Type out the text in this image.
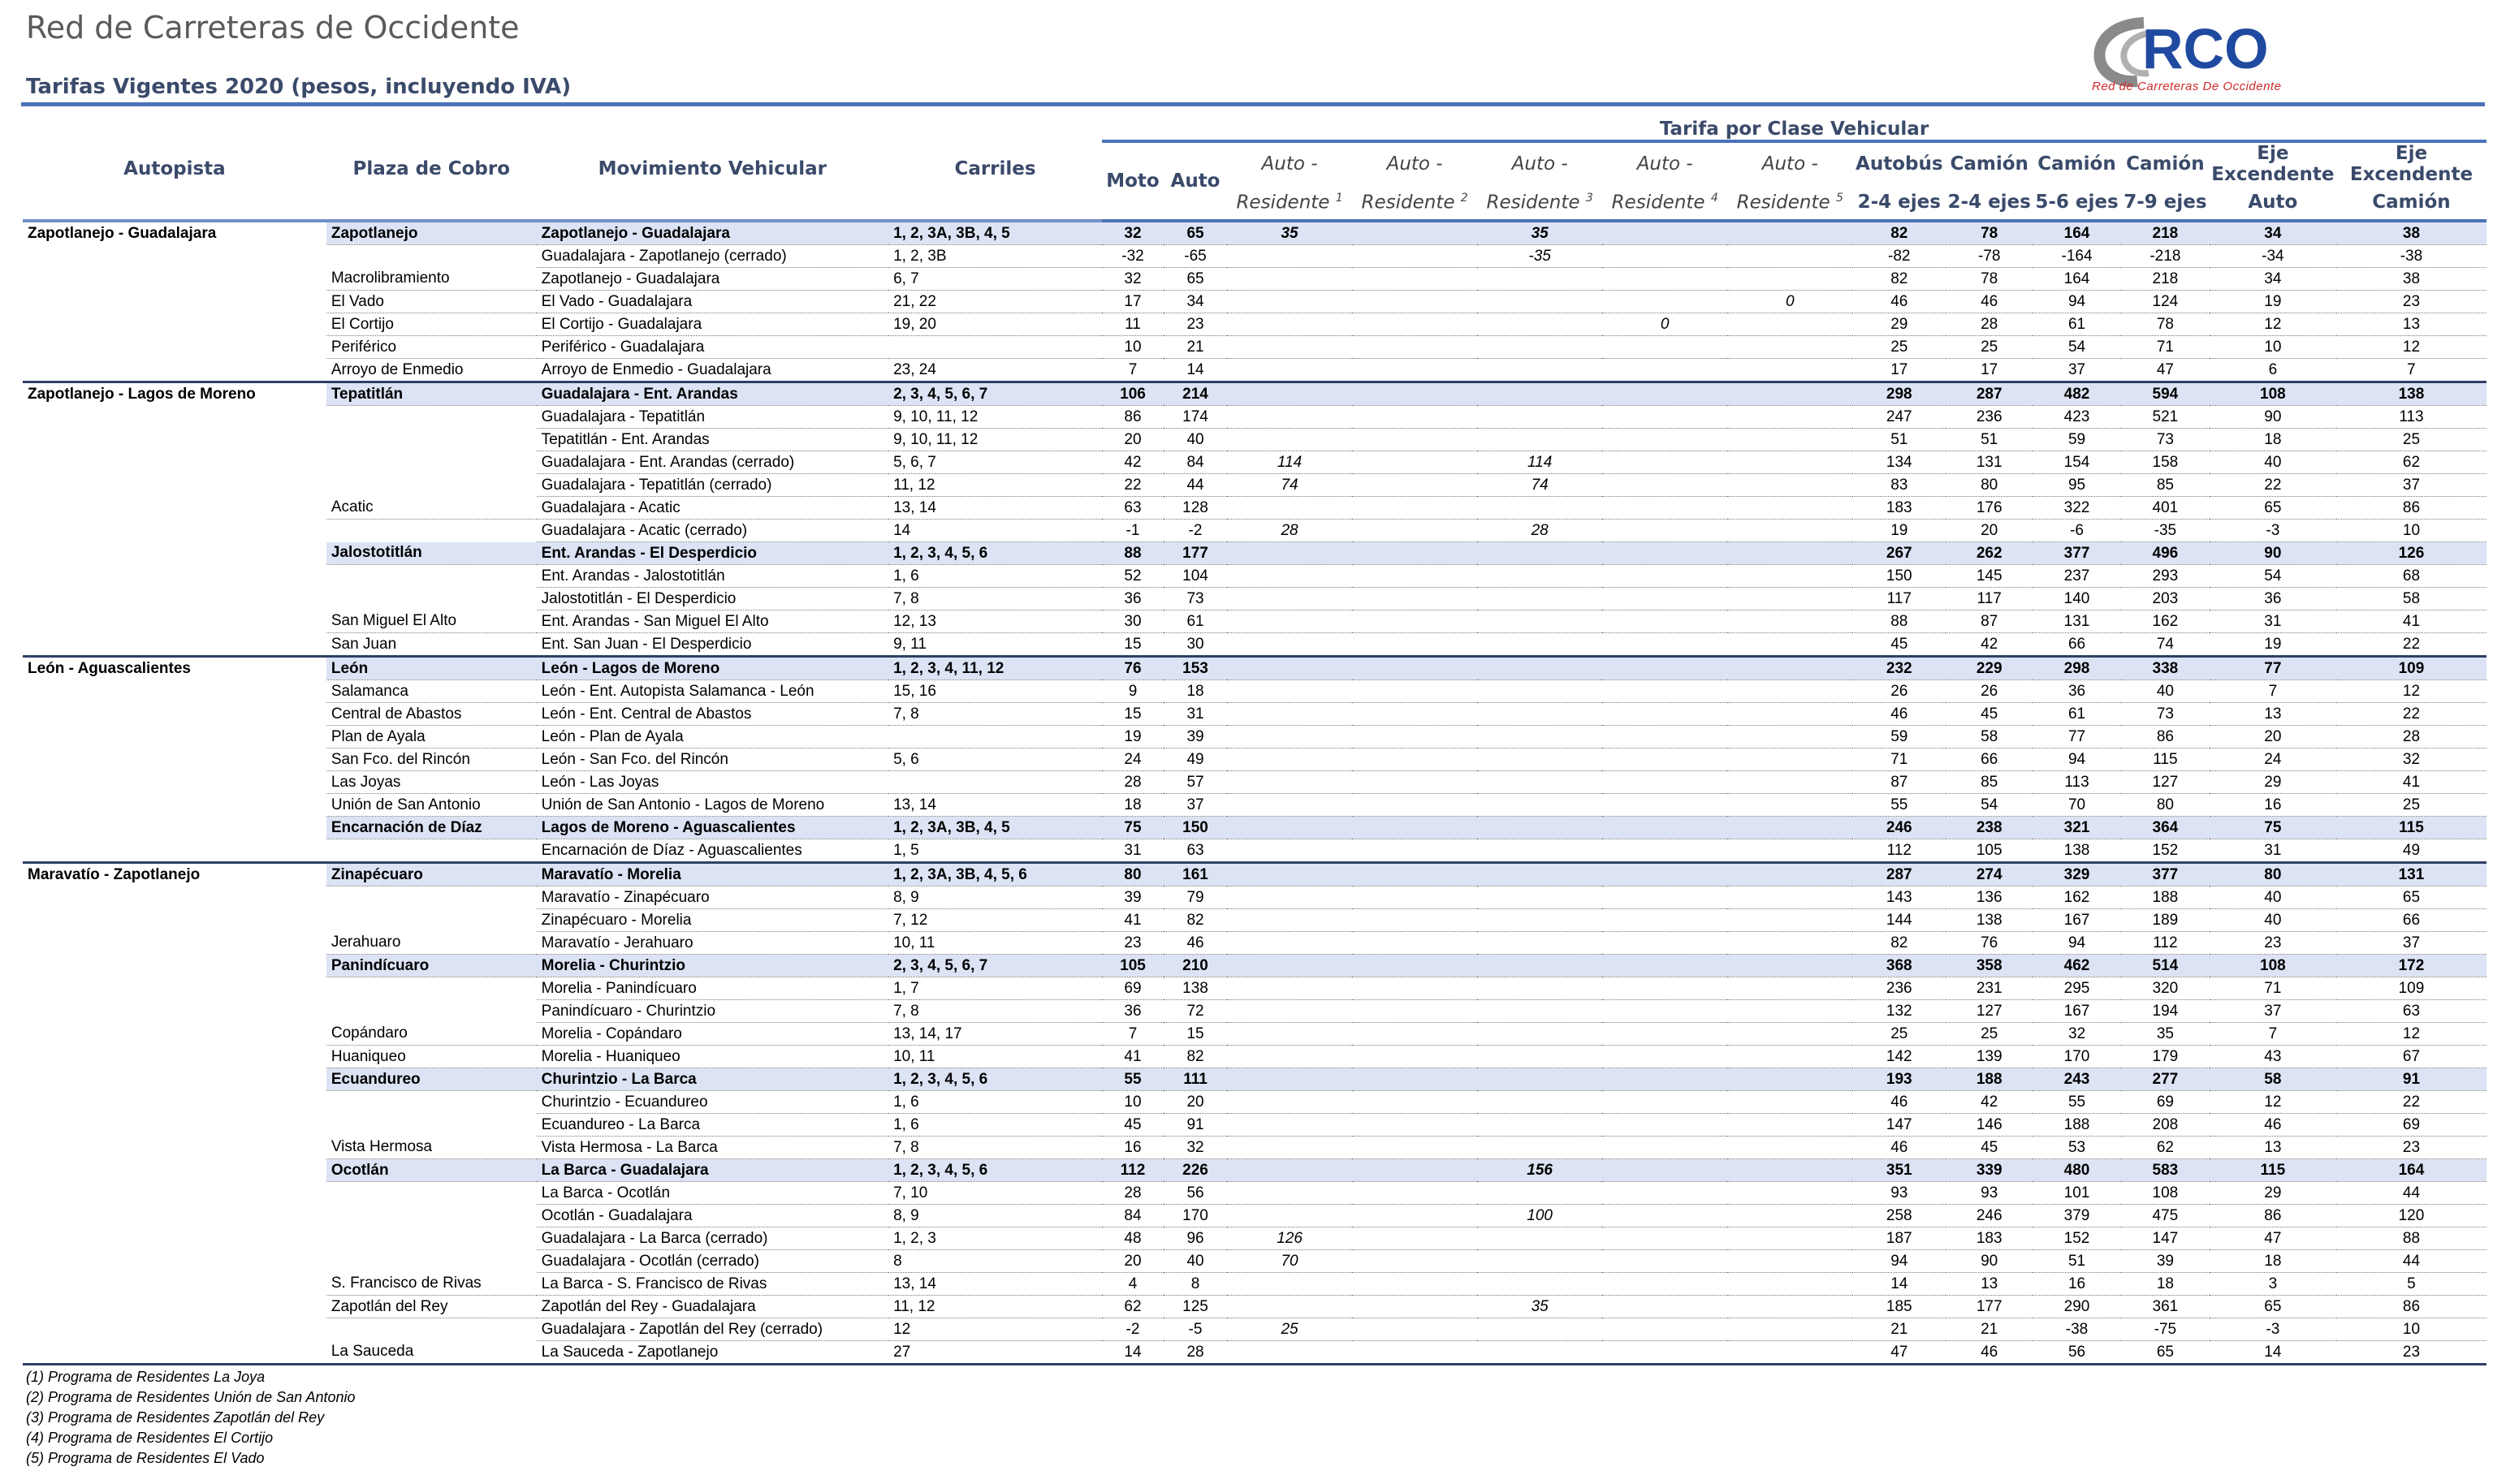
Red de Carreteras de Occidente
Tarifas Vigentes 2020 (pesos, incluyendo IVA)
RCO
Red de Carreteras De Occidente
Autopista	Plaza de Cobro	Movimiento Vehicular	Carriles	Tarifa por Clase Vehicular												
				Moto	Auto	Auto -	Auto -	Auto -	Auto -	Auto -	Autobús	Camión	Camión	Camión	Eje Excendente	Eje Excendente
						Residente $^1$	Residente $^2$	Residente $^3$	Residente $^4$	Residente $^5$	2-4 ejes	2-4 ejes	5-6 ejes	7-9 ejes	Auto	Camión
Zapotlanejo - Guadalajara	Zapotlanejo	Zapotlanejo - Guadalajara	1, 2, 3A, 3B, 4, 5	32	65	35		35			82	78	164	218	34	38
		Guadalajara - Zapotlanejo (cerrado)	1, 2, 3B	-32	-65			-35			-82	-78	-164	-218	-34	-38
	Macrolibramiento	Zapotlanejo - Guadalajara	6, 7	32	65						82	78	164	218	34	38
	El Vado	El Vado - Guadalajara	21, 22	17	34					0	46	46	94	124	19	23
	El Cortijo	El Cortijo - Guadalajara	19, 20	11	23				0		29	28	61	78	12	13
	Periférico	Periférico - Guadalajara		10	21						25	25	54	71	10	12
	Arroyo de Enmedio	Arroyo de Enmedio - Guadalajara	23, 24	7	14						17	17	37	47	6	7
Zapotlanejo - Lagos de Moreno	Tepatitlán	Guadalajara - Ent. Arandas	2, 3, 4, 5, 6, 7	106	214						298	287	482	594	108	138
		Guadalajara - Tepatitlán	9, 10, 11, 12	86	174						247	236	423	521	90	113
		Tepatitlán - Ent. Arandas	9, 10, 11, 12	20	40						51	51	59	73	18	25
		Guadalajara - Ent. Arandas (cerrado)	5, 6, 7	42	84	114		114			134	131	154	158	40	62
		Guadalajara - Tepatitlán (cerrado)	11, 12	22	44	74		74			83	80	95	85	22	37
	Acatic	Guadalajara - Acatic	13, 14	63	128						183	176	322	401	65	86
		Guadalajara - Acatic (cerrado)	14	-1	-2	28		28			19	20	-6	-35	-3	10
	Jalostotitlán	Ent. Arandas - El Desperdicio	1, 2, 3, 4, 5, 6	88	177						267	262	377	496	90	126
		Ent. Arandas - Jalostotitlán	1, 6	52	104						150	145	237	293	54	68
		Jalostotitlán - El Desperdicio	7, 8	36	73						117	117	140	203	36	58
	San Miguel El Alto	Ent. Arandas - San Miguel El Alto	12, 13	30	61						88	87	131	162	31	41
	San Juan	Ent. San Juan - El Desperdicio	9, 11	15	30						45	42	66	74	19	22
León - Aguascalientes	León	León - Lagos de Moreno	1, 2, 3, 4, 11, 12	76	153						232	229	298	338	77	109
	Salamanca	León - Ent. Autopista Salamanca - León	15, 16	9	18						26	26	36	40	7	12
	Central de Abastos	León - Ent. Central de Abastos	7, 8	15	31						46	45	61	73	13	22
	Plan de Ayala	León - Plan de Ayala		19	39						59	58	77	86	20	28
	San Fco. del Rincón	León - San Fco. del Rincón	5, 6	24	49						71	66	94	115	24	32
	Las Joyas	León - Las Joyas		28	57						87	85	113	127	29	41
	Unión de San Antonio	Unión de San Antonio - Lagos de Moreno	13, 14	18	37						55	54	70	80	16	25
	Encarnación de Díaz	Lagos de Moreno - Aguascalientes	1, 2, 3A, 3B, 4, 5	75	150						246	238	321	364	75	115
		Encarnación de Díaz - Aguascalientes	1, 5	31	63						112	105	138	152	31	49
Maravatío - Zapotlanejo	Zinapécuaro	Maravatío - Morelia	1, 2, 3A, 3B, 4, 5, 6	80	161						287	274	329	377	80	131
		Maravatío - Zinapécuaro	8, 9	39	79						143	136	162	188	40	65
		Zinapécuaro - Morelia	7, 12	41	82						144	138	167	189	40	66
	Jerahuaro	Maravatío - Jerahuaro	10, 11	23	46						82	76	94	112	23	37
	Panindícuaro	Morelia - Churintzio	2, 3, 4, 5, 6, 7	105	210						368	358	462	514	108	172
		Morelia - Panindícuaro	1, 7	69	138						236	231	295	320	71	109
		Panindícuaro - Churintzio	7, 8	36	72						132	127	167	194	37	63
	Copándaro	Morelia - Copándaro	13, 14, 17	7	15						25	25	32	35	7	12
	Huaniqueo	Morelia - Huaniqueo	10, 11	41	82						142	139	170	179	43	67
	Ecuandureo	Churintzio - La Barca	1, 2, 3, 4, 5, 6	55	111						193	188	243	277	58	91
		Churintzio - Ecuandureo	1, 6	10	20						46	42	55	69	12	22
		Ecuandureo - La Barca	1, 6	45	91						147	146	188	208	46	69
	Vista Hermosa	Vista Hermosa - La Barca	7, 8	16	32						46	45	53	62	13	23
	Ocotlán	La Barca - Guadalajara	1, 2, 3, 4, 5, 6	112	226			156			351	339	480	583	115	164
		La Barca - Ocotlán	7, 10	28	56						93	93	101	108	29	44
		Ocotlán - Guadalajara	8, 9	84	170			100			258	246	379	475	86	120
		Guadalajara - La Barca (cerrado)	1, 2, 3	48	96	126					187	183	152	147	47	88
		Guadalajara - Ocotlán (cerrado)	8	20	40	70					94	90	51	39	18	44
	S. Francisco de Rivas	La Barca - S. Francisco de Rivas	13, 14	4	8						14	13	16	18	3	5
	Zapotlán del Rey	Zapotlán del Rey - Guadalajara	11, 12	62	125			35			185	177	290	361	65	86
		Guadalajara - Zapotlán del Rey (cerrado)	12	-2	-5	25					21	21	-38	-75	-3	10
	La Sauceda	La Sauceda - Zapotlanejo	27	14	28						47	46	56	65	14	23
(1) Programa de Residentes La Joya
(2) Programa de Residentes Unión de San Antonio
(3) Programa de Residentes Zapotlán del Rey
(4) Programa de Residentes El Cortijo
(5) Programa de Residentes El Vado
